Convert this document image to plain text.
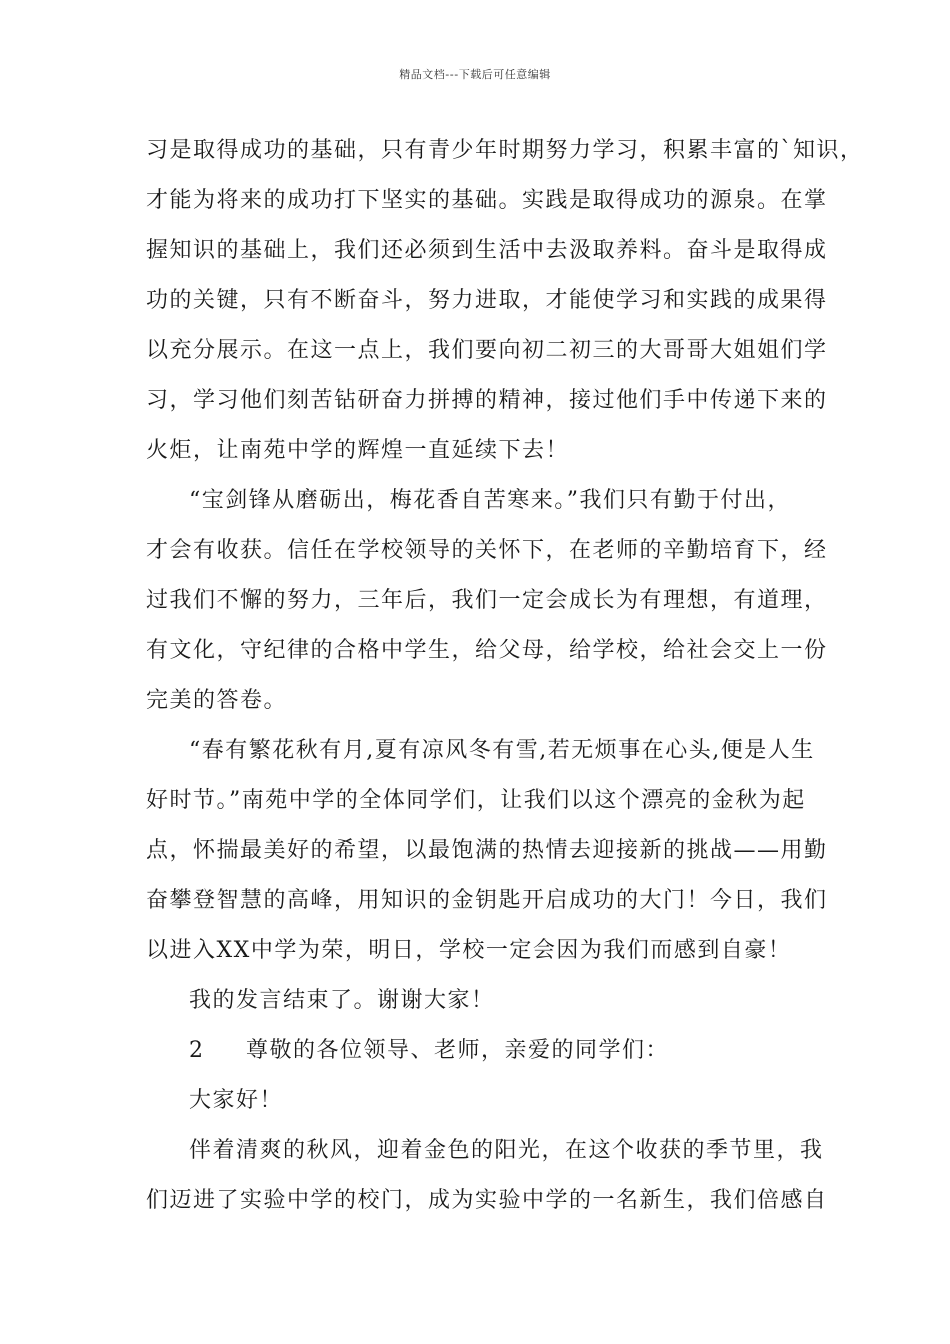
精品文档---下载后可任意编辑
习是取得成功的基础，只有青少年时期努力学习，积累丰富的`知识，
才能为将来的成功打下坚实的基础。实践是取得成功的源泉。在掌
握知识的基础上，我们还必须到生活中去汲取养料。奋斗是取得成
功的关键，只有不断奋斗，努力进取，才能使学习和实践的成果得
以充分展示。在这一点上，我们要向初二初三的大哥哥大姐姐们学
习，学习他们刻苦钻研奋力拼搏的精神，接过他们手中传递下来的
火炬，让南苑中学的辉煌一直延续下去！
“宝剑锋从磨砺出，梅花香自苦寒来。”我们只有勤于付出，
才会有收获。信任在学校领导的关怀下，在老师的辛勤培育下，经
过我们不懈的努力，三年后，我们一定会成长为有理想，有道理，
有文化，守纪律的合格中学生，给父母，给学校，给社会交上一份
完美的答卷。
“春有繁花秋有月,夏有凉风冬有雪,若无烦事在心头,便是人生
好时节。”南苑中学的全体同学们，让我们以这个漂亮的金秋为起
点，怀揣最美好的希望，以最饱满的热情去迎接新的挑战——用勤
奋攀登智慧的高峰，用知识的金钥匙开启成功的大门！今日，我们
以进入XX中学为荣，明日，学校一定会因为我们而感到自豪！
我的发言结束了。谢谢大家！
2 尊敬的各位领导、老师，亲爱的同学们：
大家好！
伴着清爽的秋风，迎着金色的阳光，在这个收获的季节里，我
们迈进了实验中学的校门，成为实验中学的一名新生，我们倍感自
